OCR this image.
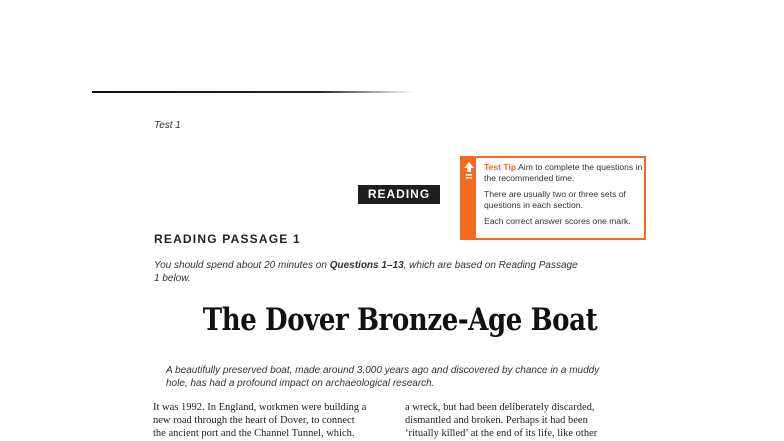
Test 1

Test Tip Aim to complete the questions in the recommended time.

There are usually two or three sets of questions in each section.

Each correct answer scores one mark.

READING
READING PASSAGE 1
You should spend about 20 minutes on Questions 1–13, which are based on Reading Passage 1 below.
The Dover Bronze-Age Boat
A beautifully preserved boat, made around 3,000 years ago and discovered by chance in a muddy hole, has had a profound impact on archaeological research.
It was 1992. In England, workmen were building a
new road through the heart of Dover, to connect
the ancient port and the Channel Tunnel, which.
a wreck, but had been deliberately discarded,
dismantled and broken. Perhaps it had been
‘ritually killed’ at the end of its life, like other
